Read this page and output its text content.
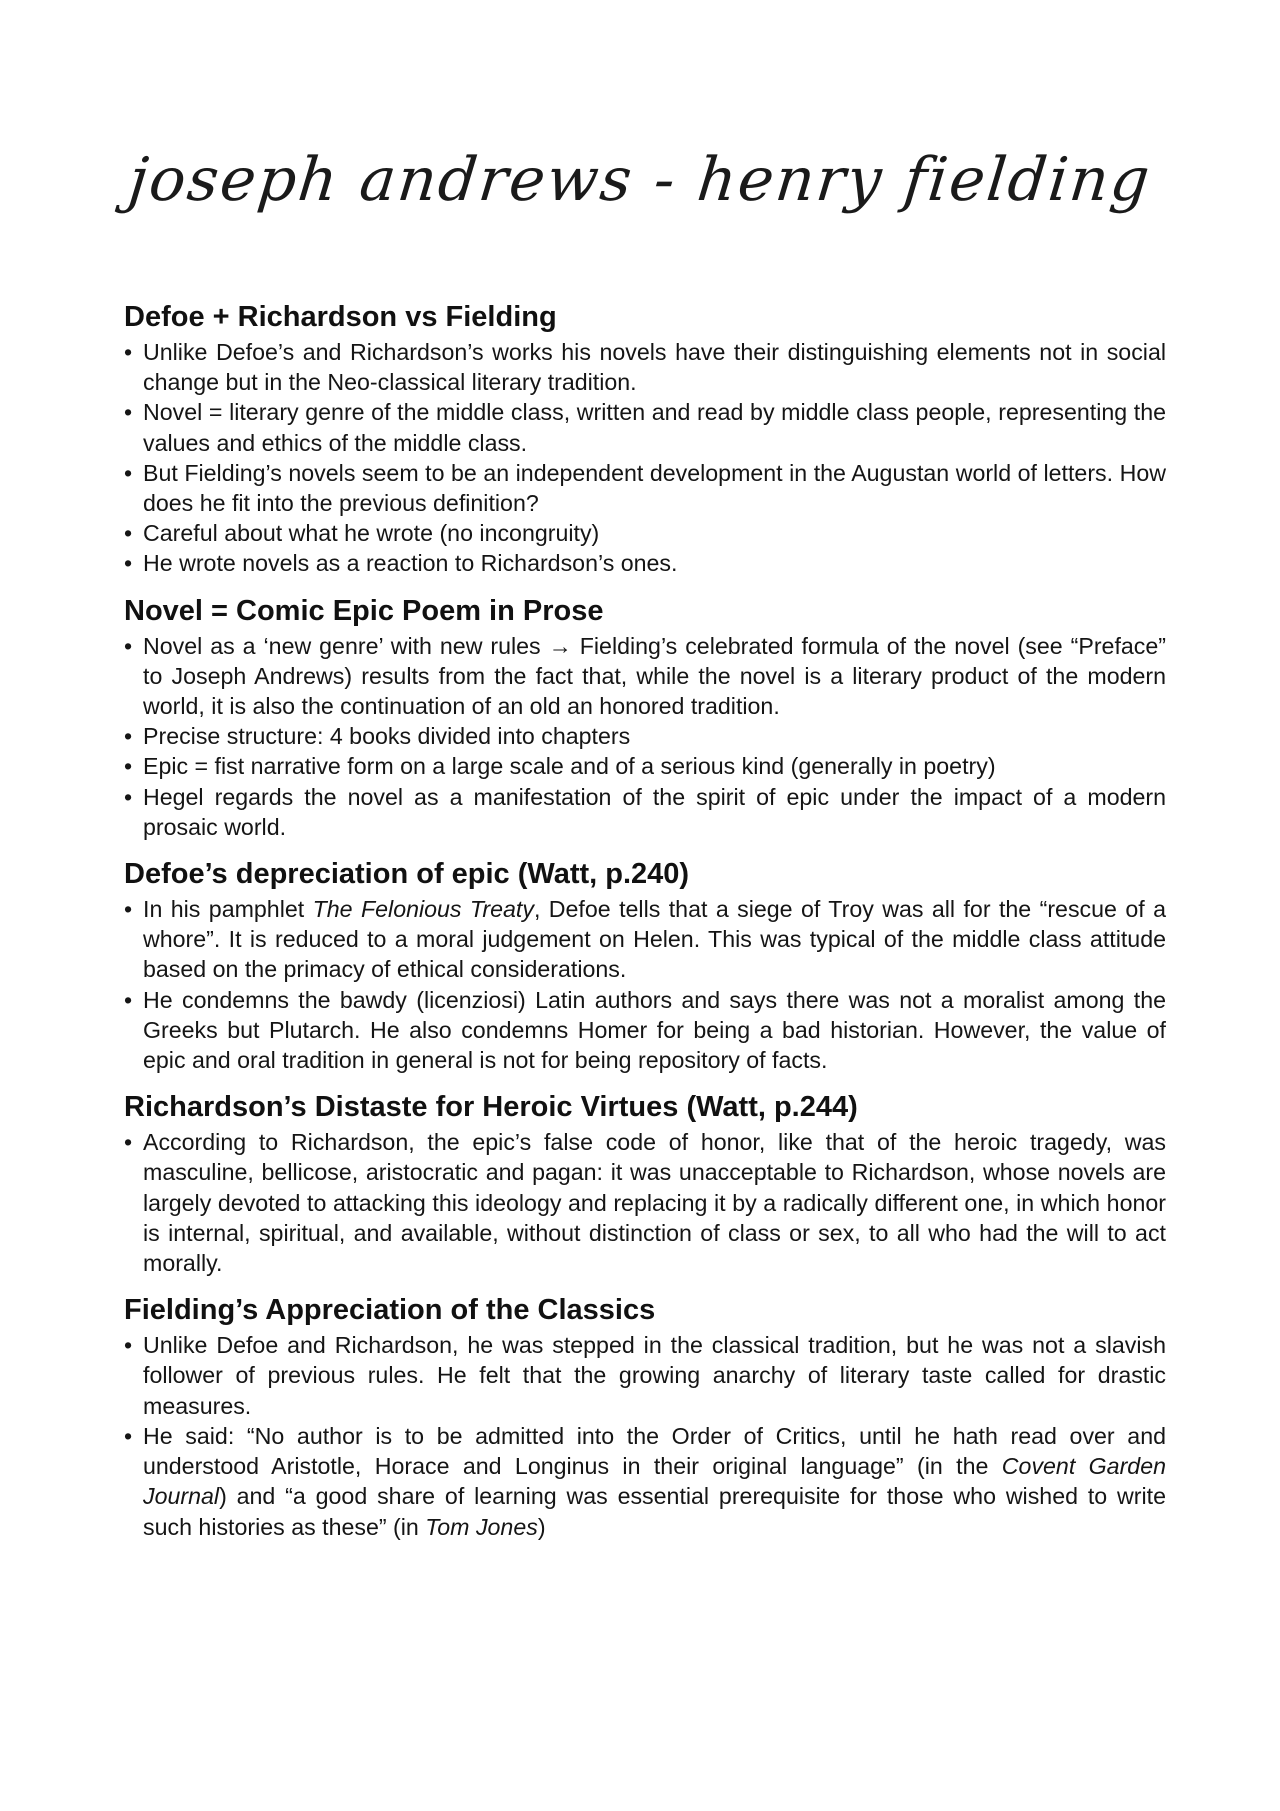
joseph andrews - henry fielding
Defoe + Richardson vs Fielding
• Unlike Defoe’s and Richardson’s works his novels have their distinguishing elements not in social change but in the Neo-classical literary tradition.
• Novel = literary genre of the middle class, written and read by middle class people, representing the values and ethics of the middle class.
• But Fielding’s novels seem to be an independent development in the Augustan world of letters. How does he fit into the previous definition?
• Careful about what he wrote (no incongruity)
• He wrote novels as a reaction to Richardson’s ones.
Novel = Comic Epic Poem in Prose
• Novel as a ‘new genre’ with new rules → Fielding’s celebrated formula of the novel (see “Preface” to Joseph Andrews) results from the fact that, while the novel is a literary product of the modern world, it is also the continuation of an old an honored tradition.
• Precise structure: 4 books divided into chapters
• Epic = fist narrative form on a large scale and of a serious kind (generally in poetry)
• Hegel regards the novel as a manifestation of the spirit of epic under the impact of a modern prosaic world.
Defoe’s depreciation of epic (Watt, p.240)
• In his pamphlet The Felonious Treaty, Defoe tells that a siege of Troy was all for the “rescue of a whore”. It is reduced to a moral judgement on Helen. This was typical of the middle class attitude based on the primacy of ethical considerations.
• He condemns the bawdy (licenziosi) Latin authors and says there was not a moralist among the Greeks but Plutarch. He also condemns Homer for being a bad historian. However, the value of epic and oral tradition in general is not for being repository of facts.
Richardson’s Distaste for Heroic Virtues (Watt, p.244)
• According to Richardson, the epic’s false code of honor, like that of the heroic tragedy, was masculine, bellicose, aristocratic and pagan: it was unacceptable to Richardson, whose novels are largely devoted to attacking this ideology and replacing it by a radically different one, in which honor is internal, spiritual, and available, without distinction of class or sex, to all who had the will to act morally.
Fielding’s Appreciation of the Classics
• Unlike Defoe and Richardson, he was stepped in the classical tradition, but he was not a slavish follower of previous rules. He felt that the growing anarchy of literary taste called for drastic measures.
• He said: “No author is to be admitted into the Order of Critics, until he hath read over and understood Aristotle, Horace and Longinus in their original language” (in the Covent Garden Journal) and “a good share of learning was essential prerequisite for those who wished to write such histories as these” (in Tom Jones)
